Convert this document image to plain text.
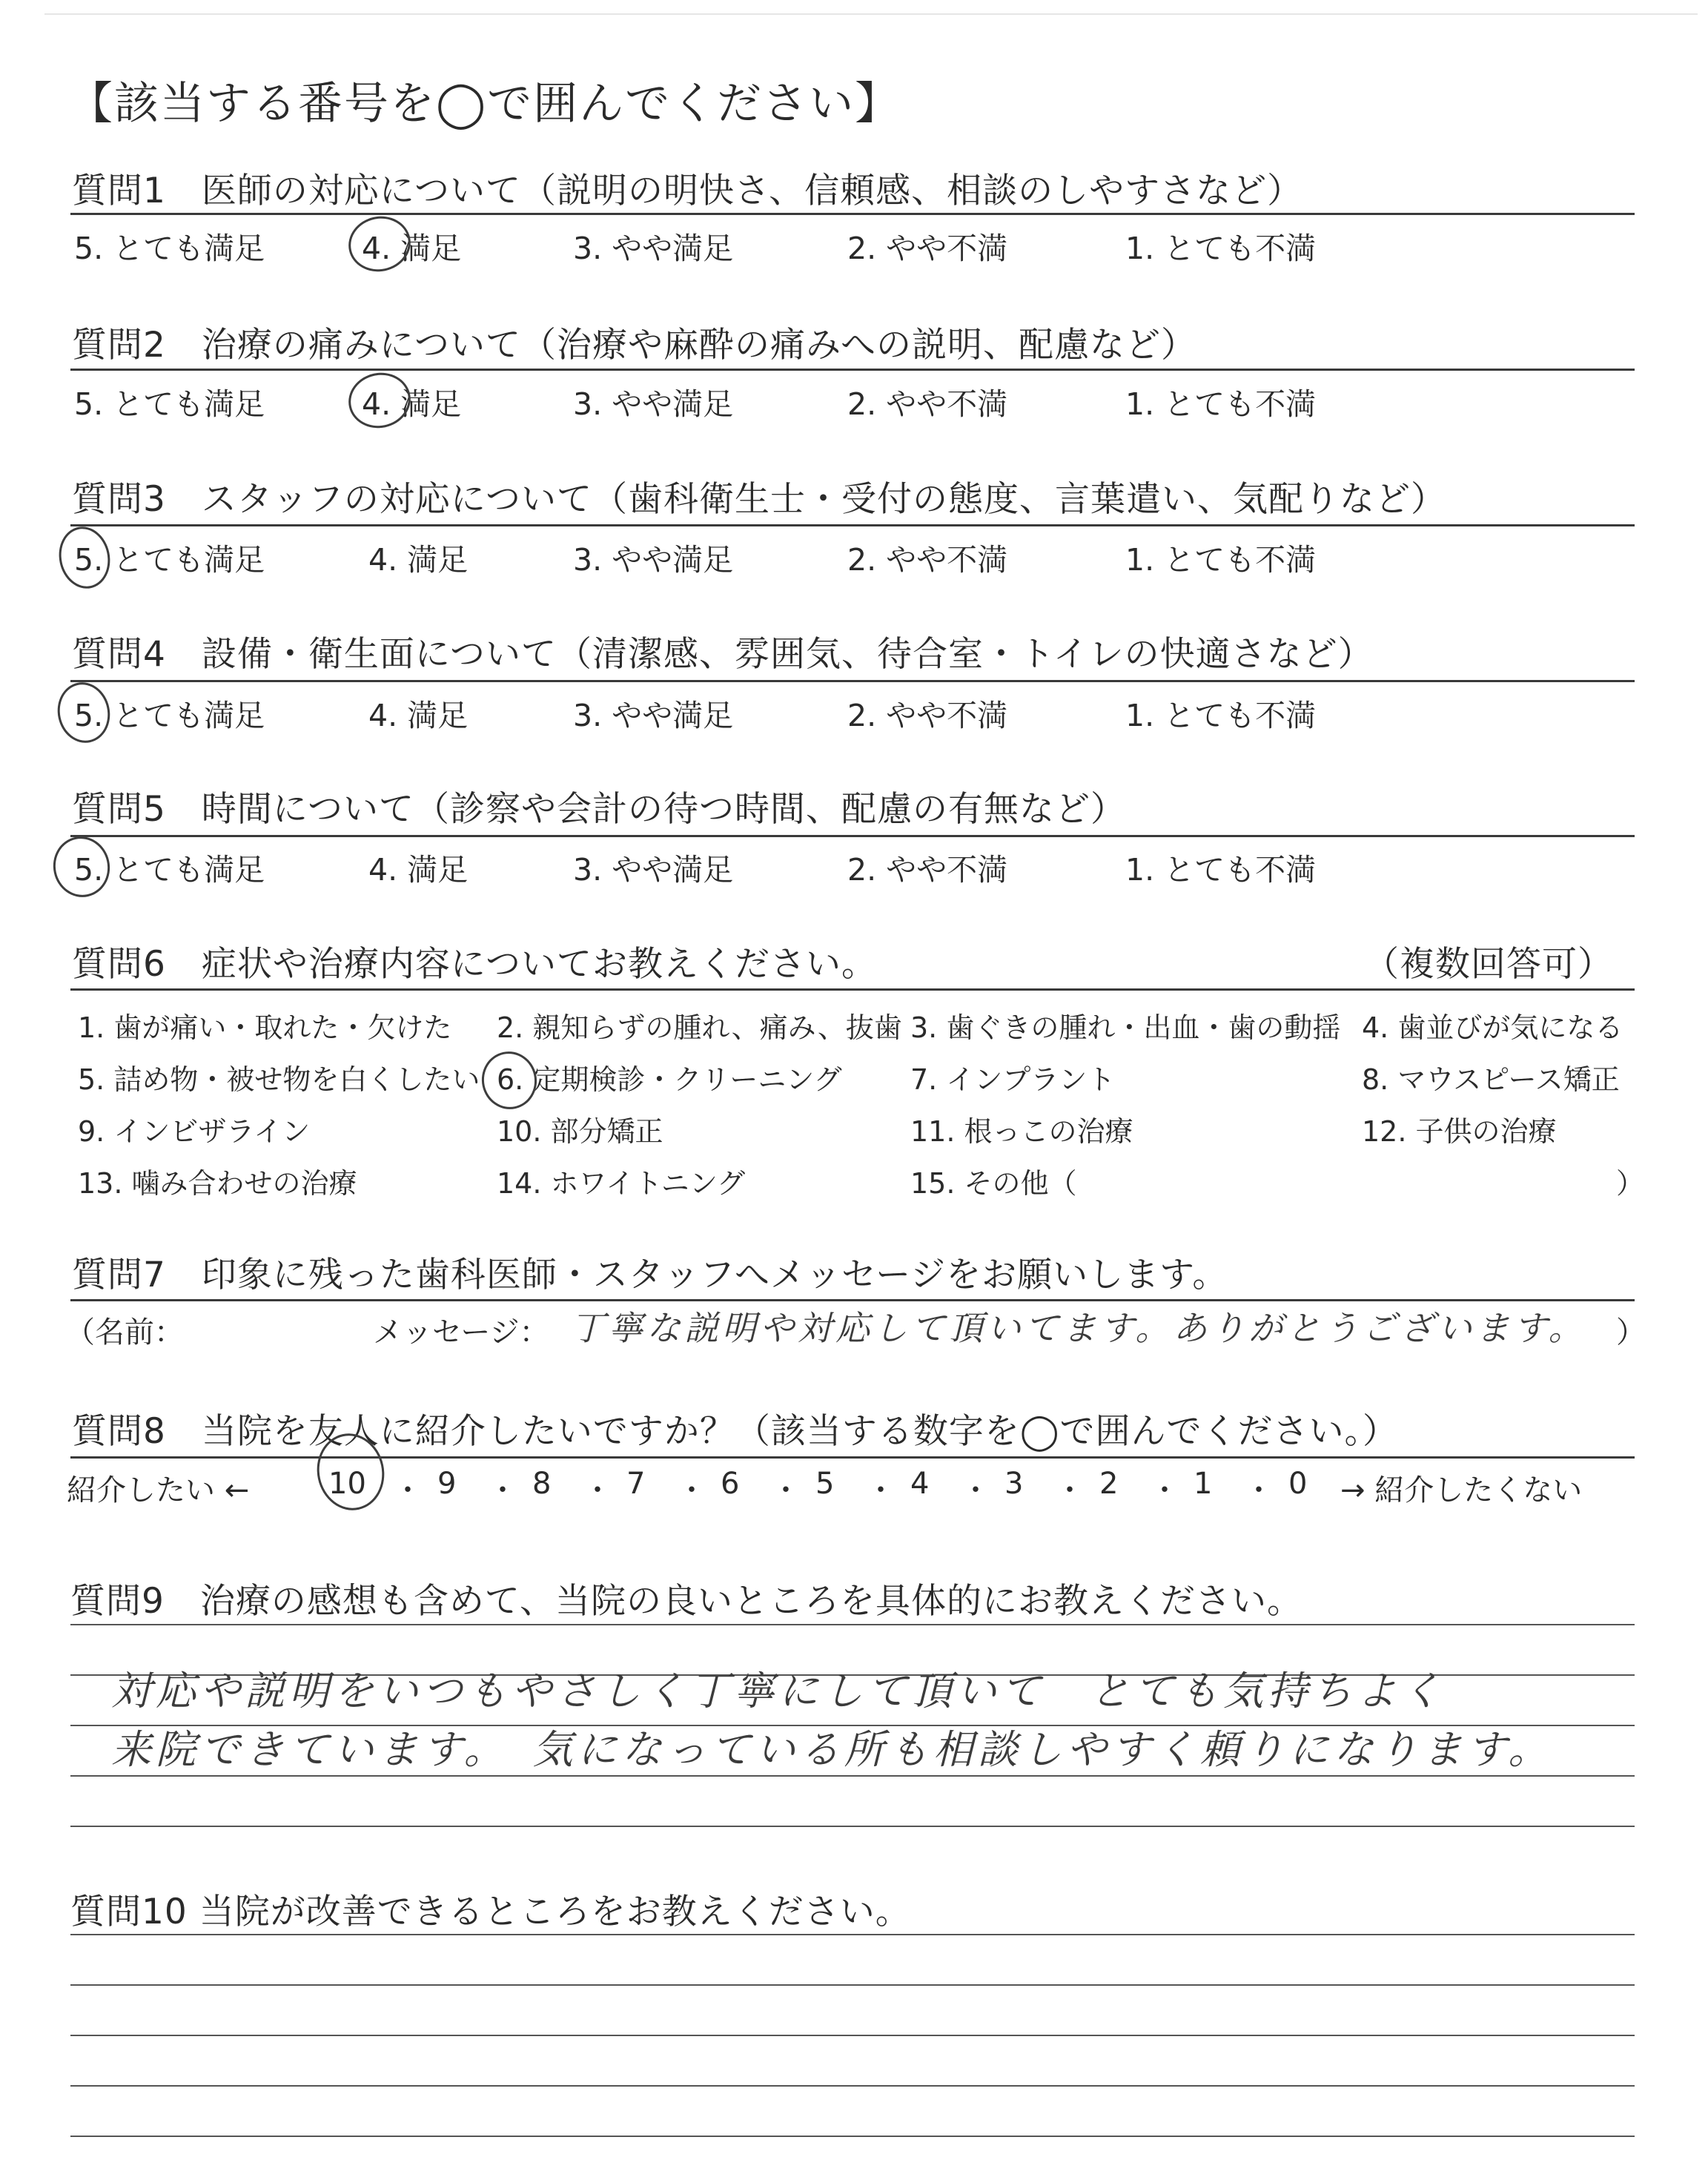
【該当する番号を◯で囲んでください】
質問1　医師の対応について（説明の明快さ、信頼感、相談のしやすさなど）
5. とても満足	4. 満足	3. やや満足	2. やや不満	1. とても不満
質問2　治療の痛みについて（治療や麻酔の痛みへの説明、配慮など）
5. とても満足	4. 満足	3. やや満足	2. やや不満	1. とても不満
質問3　スタッフの対応について（歯科衛生士・受付の態度、言葉遣い、気配りなど）
5. とても満足	4. 満足	3. やや満足	2. やや不満	1. とても不満
質問4　設備・衛生面について（清潔感、雰囲気、待合室・トイレの快適さなど）
5. とても満足	4. 満足	3. やや満足	2. やや不満	1. とても不満
質問5　時間について（診察や会計の待つ時間、配慮の有無など）
5. とても満足	4. 満足	3. やや満足	2. やや不満	1. とても不満
質問6　症状や治療内容についてお教えください。	（複数回答可）
1. 歯が痛い・取れた・欠けた 2. 親知らずの腫れ、痛み、抜歯 3. 歯ぐきの腫れ・出血・歯の動揺 4. 歯並びが気になる
5. 詰め物・被せ物を白くしたい 6. 定期検診・クリーニング 7. インプラント	8. マウスピース矯正
9. インビザライン	10. 部分矯正	11. 根っこの治療	12. 子供の治療
13. 噛み合わせの治療	14. ホワイトニング	15. その他（	）
質問7　印象に残った歯科医師・スタッフへメッセージをお願いします。
（名前：	メッセージ： 丁寧な説明や対応して頂いてます。ありがとうございます。 ）
質問8　当院を友人に紹介したいですか？（該当する数字を◯で囲んでください。）
紹介したい ←	→ 紹介したくない
10 ・ 9 ・ 8 ・ 7 ・ 6 ・ 5 ・ 4 ・ 3 ・ 2 ・ 1 ・ 0
質問9　治療の感想も含めて、当院の良いところを具体的にお教えください。
対応や説明をいつもやさしく丁寧にして頂いて　とても気持ちよく
来院できています。　気になっている所も相談しやすく頼りになります。
質問10 当院が改善できるところをお教えください。
